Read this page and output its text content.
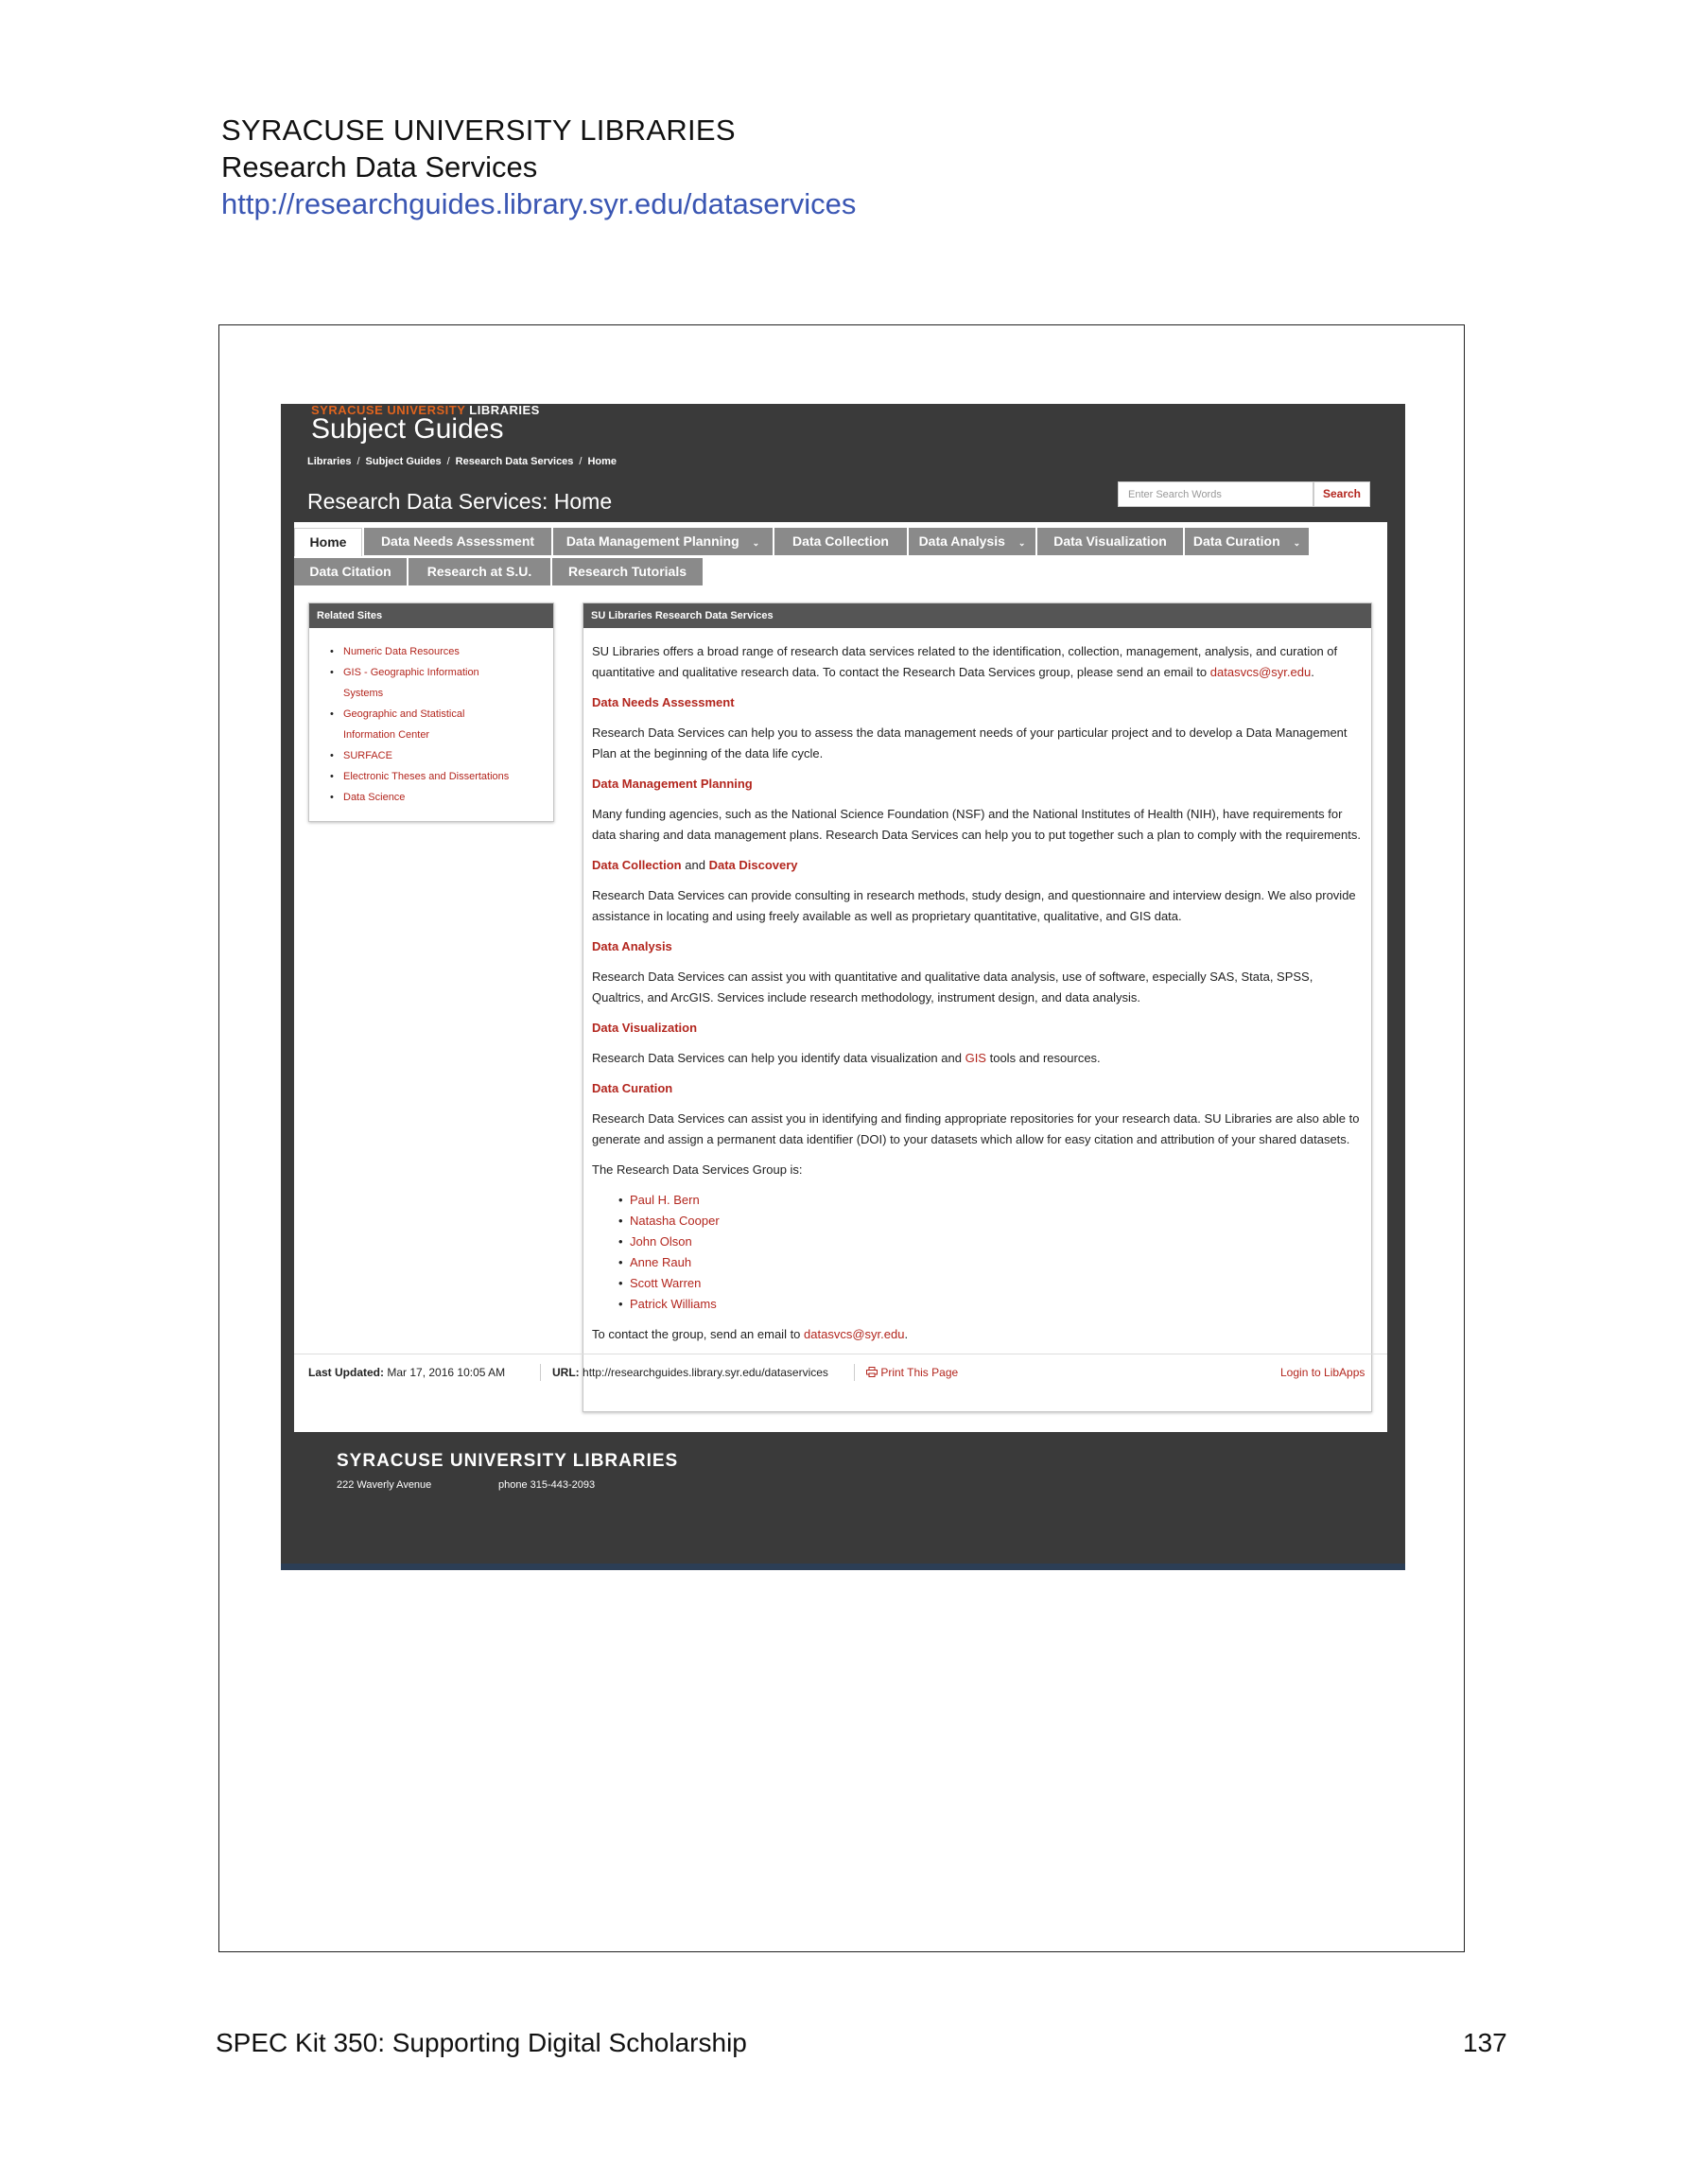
SYRACUSE UNIVERSITY LIBRARIES
Research Data Services
http://researchguides.library.syr.edu/dataservices
SYRACUSE UNIVERSITY LIBRARIES
Subject Guides
Libraries / Subject Guides / Research Data Services / Home
Research Data Services: Home	Enter Search Words	Search
Home	Data Needs Assessment	Data Management Planning ⌄	Data Collection	Data Analysis ⌄	Data Visualization	Data Curation ⌄
Data Citation	Research at S.U.	Research Tutorials
Related Sites
• Numeric Data Resources
• GIS - Geographic Information
Systems
• Geographic and Statistical
Information Center
• SURFACE
• Electronic Theses and Dissertations
• Data Science
SU Libraries Research Data Services

SU Libraries offers a broad range of research data services related to the identification, collection, management, analysis, and curation of quantitative and qualitative research data. To contact the Research Data Services group, please send an email to datasvcs@syr.edu.

Data Needs Assessment

Research Data Services can help you to assess the data management needs of your particular project and to develop a Data Management Plan at the beginning of the data life cycle.

Data Management Planning

Many funding agencies, such as the National Science Foundation (NSF) and the National Institutes of Health (NIH), have requirements for data sharing and data management plans. Research Data Services can help you to put together such a plan to comply with the requirements.

Data Collection and Data Discovery

Research Data Services can provide consulting in research methods, study design, and questionnaire and interview design. We also provide assistance in locating and using freely available as well as proprietary quantitative, qualitative, and GIS data.

Data Analysis

Research Data Services can assist you with quantitative and qualitative data analysis, use of software, especially SAS, Stata, SPSS, Qualtrics, and ArcGIS. Services include research methodology, instrument design, and data analysis.

Data Visualization

Research Data Services can help you identify data visualization and GIS tools and resources.

Data Curation

Research Data Services can assist you in identifying and finding appropriate repositories for your research data. SU Libraries are also able to generate and assign a permanent data identifier (DOI) to your datasets which allow for easy citation and attribution of your shared datasets.

The Research Data Services Group is:

• Paul H. Bern
• Natasha Cooper
• John Olson
• Anne Rauh
• Scott Warren
• Patrick Williams

To contact the group, send an email to datasvcs@syr.edu.

Last Updated: Mar 17, 2016 10:05 AM	URL: http://researchguides.library.syr.edu/dataservices	Print This Page	Login to LibApps
SYRACUSE UNIVERSITY LIBRARIES
222 Waverly Avenue	phone 315-443-2093
SPEC Kit 350: Supporting Digital Scholarship	137
